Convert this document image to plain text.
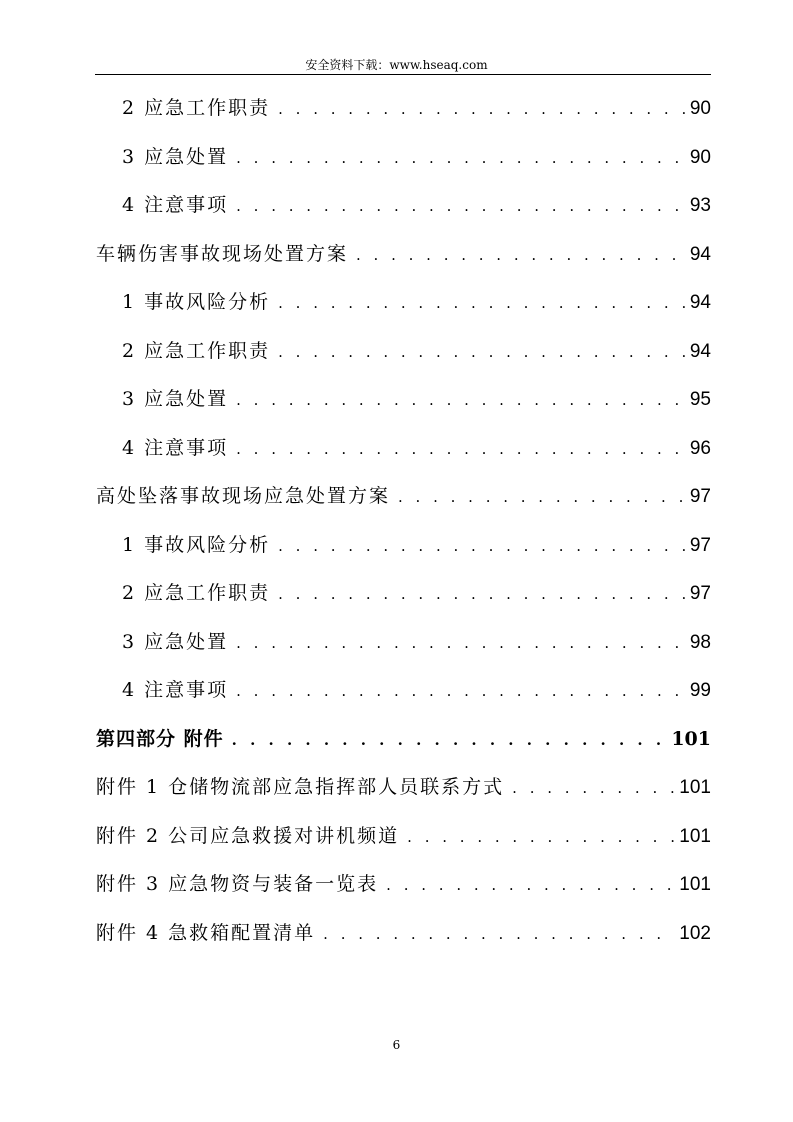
安全资料下载：www.hseaq.com
2 应急工作职责 . . .	90
3 应急处置 . . .	90
4 注意事项 . . .	93
车辆伤害事故现场处置方案 . . .	94
1 事故风险分析 . . .	94
2 应急工作职责 . . .	94
3 应急处置 . . .	95
4 注意事项 . . .	96
高处坠落事故现场应急处置方案 . . .	97
1 事故风险分析 . . .	97
2 应急工作职责 . . .	97
3 应急处置 . . .	98
4 注意事项 . . .	99
第四部分 附件 . . .	101
附件 1 仓储物流部应急指挥部人员联系方式 . . .	101
附件 2 公司应急救援对讲机频道 . . .	101
附件 3 应急物资与装备一览表 . . .	101
附件 4 急救箱配置清单 . . .	102
6
